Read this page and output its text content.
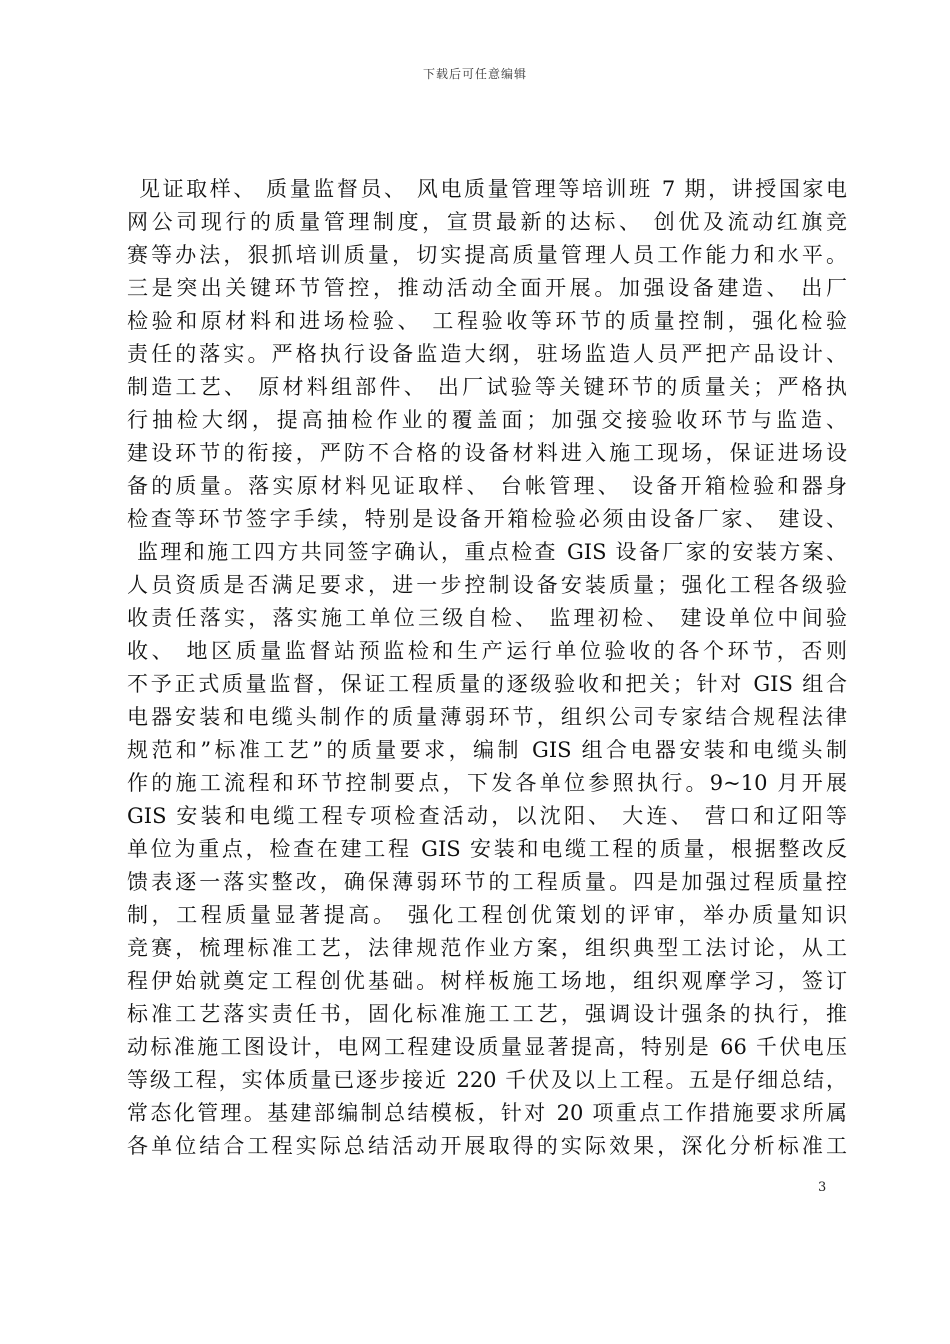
下载后可任意编辑
见证取样、 质量监督员、 风电质量管理等培训班 7 期，讲授国家电
网公司现行的质量管理制度，宣贯最新的达标、 创优及流动红旗竞
赛等办法，狠抓培训质量，切实提高质量管理人员工作能力和水平。
三是突出关键环节管控，推动活动全面开展。加强设备建造、 出厂
检验和原材料和进场检验、 工程验收等环节的质量控制，强化检验
责任的落实。严格执行设备监造大纲，驻场监造人员严把产品设计、
制造工艺、 原材料组部件、 出厂试验等关键环节的质量关；严格执
行抽检大纲，提高抽检作业的覆盖面；加强交接验收环节与监造、
建设环节的衔接，严防不合格的设备材料进入施工现场，保证进场设
备的质量。落实原材料见证取样、 台帐管理、 设备开箱检验和器身
检查等环节签字手续，特别是设备开箱检验必须由设备厂家、 建设、
监理和施工四方共同签字确认，重点检查 GIS 设备厂家的安装方案、
人员资质是否满足要求，进一步控制设备安装质量；强化工程各级验
收责任落实，落实施工单位三级自检、 监理初检、 建设单位中间验
收、 地区质量监督站预监检和生产运行单位验收的各个环节，否则
不予正式质量监督，保证工程质量的逐级验收和把关；针对 GIS 组合
电器安装和电缆头制作的质量薄弱环节，组织公司专家结合规程法律
规范和”标准工艺”的质量要求，编制 GIS 组合电器安装和电缆头制
作的施工流程和环节控制要点，下发各单位参照执行。9~10 月开展
GIS 安装和电缆工程专项检查活动，以沈阳、 大连、 营口和辽阳等
单位为重点，检查在建工程 GIS 安装和电缆工程的质量，根据整改反
馈表逐一落实整改，确保薄弱环节的工程质量。四是加强过程质量控
制，工程质量显著提高。 强化工程创优策划的评审，举办质量知识
竞赛，梳理标准工艺，法律规范作业方案，组织典型工法讨论，从工
程伊始就奠定工程创优基础。树样板施工场地，组织观摩学习，签订
标准工艺落实责任书，固化标准施工工艺，强调设计强条的执行，推
动标准施工图设计，电网工程建设质量显著提高，特别是 66 千伏电压
等级工程，实体质量已逐步接近 220 千伏及以上工程。五是仔细总结，
常态化管理。基建部编制总结模板，针对 20 项重点工作措施要求所属
各单位结合工程实际总结活动开展取得的实际效果，深化分析标准工
3
